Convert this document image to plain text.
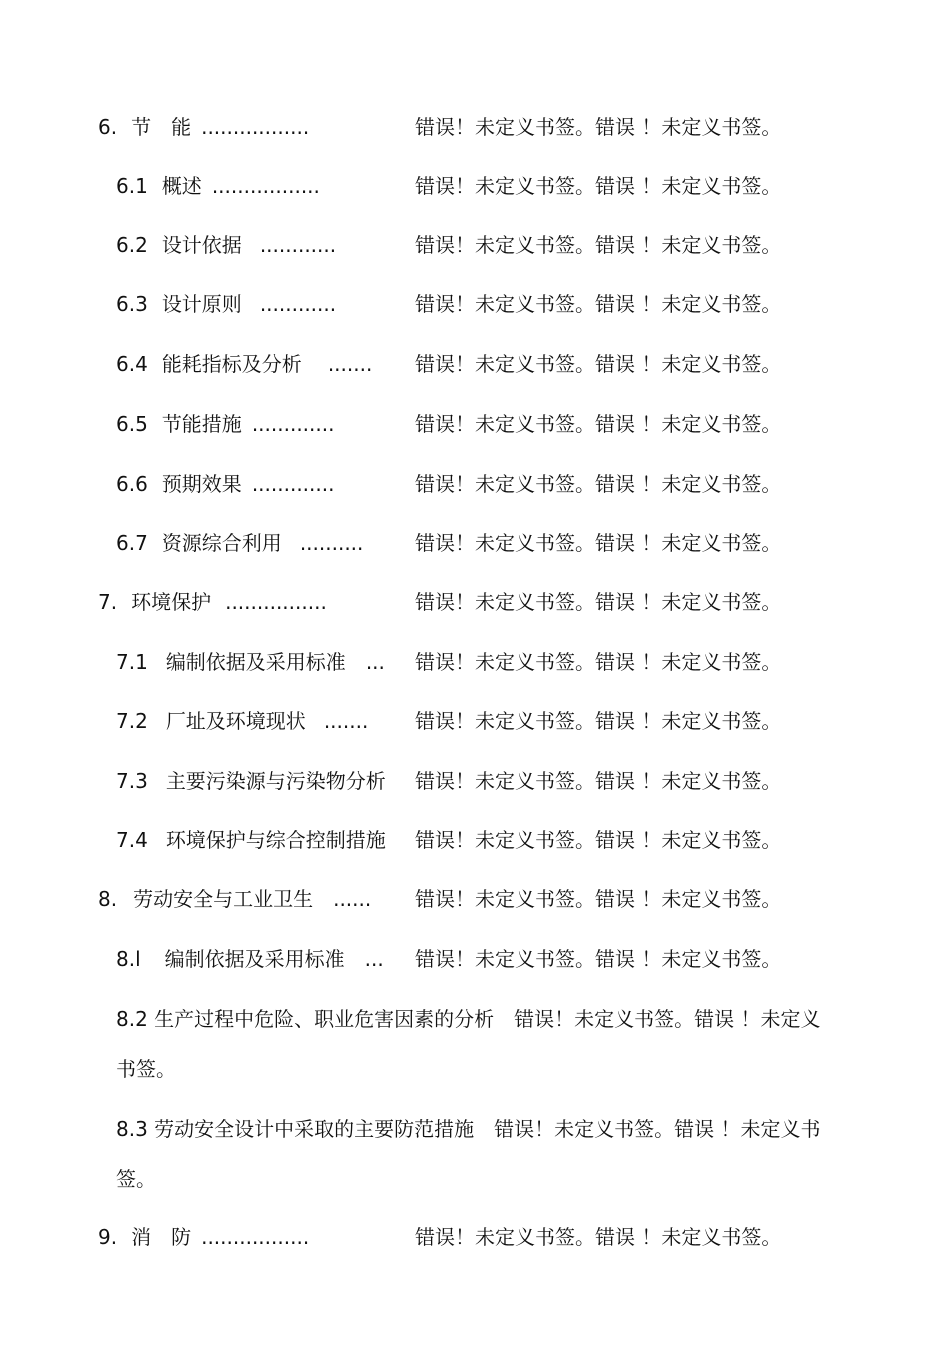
6. 节　能 .................	错误！未定义书签。错误 ！未定义书签。
6.1 概述 .................	错误！未定义书签。错误 ！未定义书签。
6.2 设计依据 ............	错误！未定义书签。错误 ！未定义书签。
6.3 设计原则 ............	错误！未定义书签。错误 ！未定义书签。
6.4 能耗指标及分析 ....... 错误！未定义书签。错误 ！未定义书签。
6.5 节能措施 .............	错误！未定义书签。错误 ！未定义书签。
6.6 预期效果 .............	错误！未定义书签。错误 ！未定义书签。
6.7 资源综合利用 ..........	错误！未定义书签。错误 ！未定义书签。
7. 环境保护 ................	错误！未定义书签。错误 ！未定义书签。
7.1 编制依据及采用标准 ... 错误！未定义书签。错误 ！未定义书签。
7.2 厂址及环境现状 ....... 错误！未定义书签。错误 ！未定义书签。
7.3 主要污染源与污染物分析 错误！未定义书签。错误 ！未定义书签。
7.4 环境保护与综合控制措施 错误！未定义书签。错误 ！未定义书签。
8. 劳动安全与工业卫生 ...... 错误！未定义书签。错误 ！未定义书签。
8.l 编制依据及采用标准 ... 错误！未定义书签。错误 ！未定义书签。
8.2 生产过程中危险、职业危害因素的分析　错误！未定义书签。错误 ！未定义书签。
8.3 劳动安全设计中采取的主要防范措施　错误！未定义书签。错误 ！未定义书签。
9. 消　防 .................	错误！未定义书签。错误 ！未定义书签。
